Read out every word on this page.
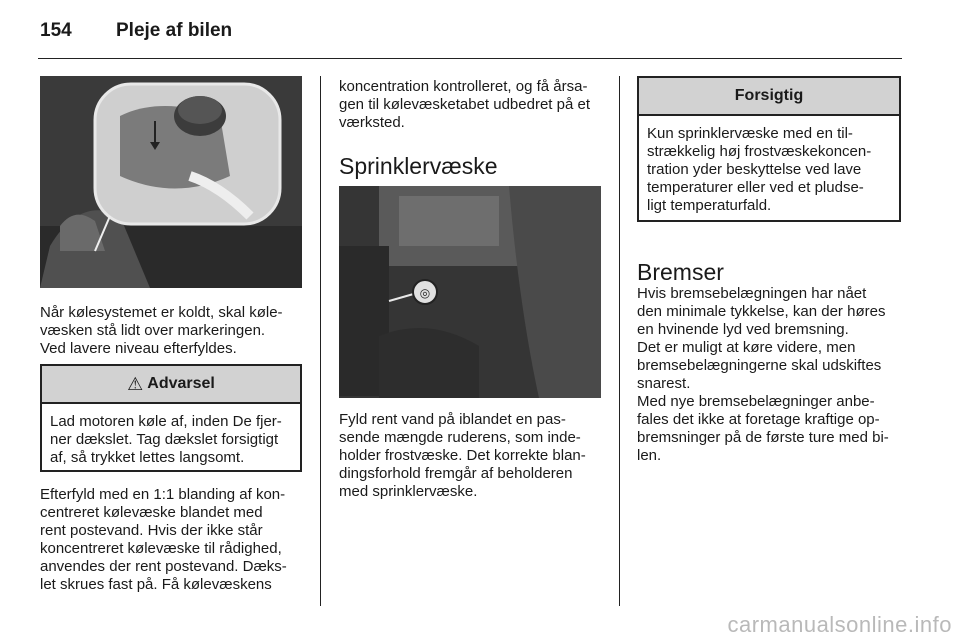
154 Pleje af bilen

Når kølesystemet er koldt, skal køle-
væsken stå lidt over markeringen.
Ved lavere niveau efterfyldes.

⚠ Advarsel
Lad motoren køle af, inden De fjer-
ner dækslet. Tag dækslet forsigtigt
af, så trykket lettes langsomt.

Efterfyld med en 1:1 blanding af kon-
centreret kølevæske blandet med
rent postevand. Hvis der ikke står
koncentreret kølevæske til rådighed,
anvendes der rent postevand. Dæks-
let skrues fast på. Få kølevæskens

koncentration kontrolleret, og få årsa-
gen til kølevæsketabet udbedret på et
værksted.

Sprinklervæske
◎

Fyld rent vand på iblandet en pas-
sende mængde ruderens, som inde-
holder frostvæske. Det korrekte blan-
dingsforhold fremgår af beholderen
med sprinklervæske.

Forsigtig
Kun sprinklervæske med en til-
strækkelig høj frostvæskekoncen-
tration yder beskyttelse ved lave
temperaturer eller ved et pludse-
ligt temperaturfald.
Bremser

Hvis bremsebelægningen har nået
den minimale tykkelse, kan der høres
en hvinende lyd ved bremsning.

Det er muligt at køre videre, men
bremsebelægningerne skal udskiftes
snarest.

Med nye bremsebelægninger anbe-
fales det ikke at foretage kraftige op-
bremsninger på de første ture med bi-
len.

carmanualsonline.info
